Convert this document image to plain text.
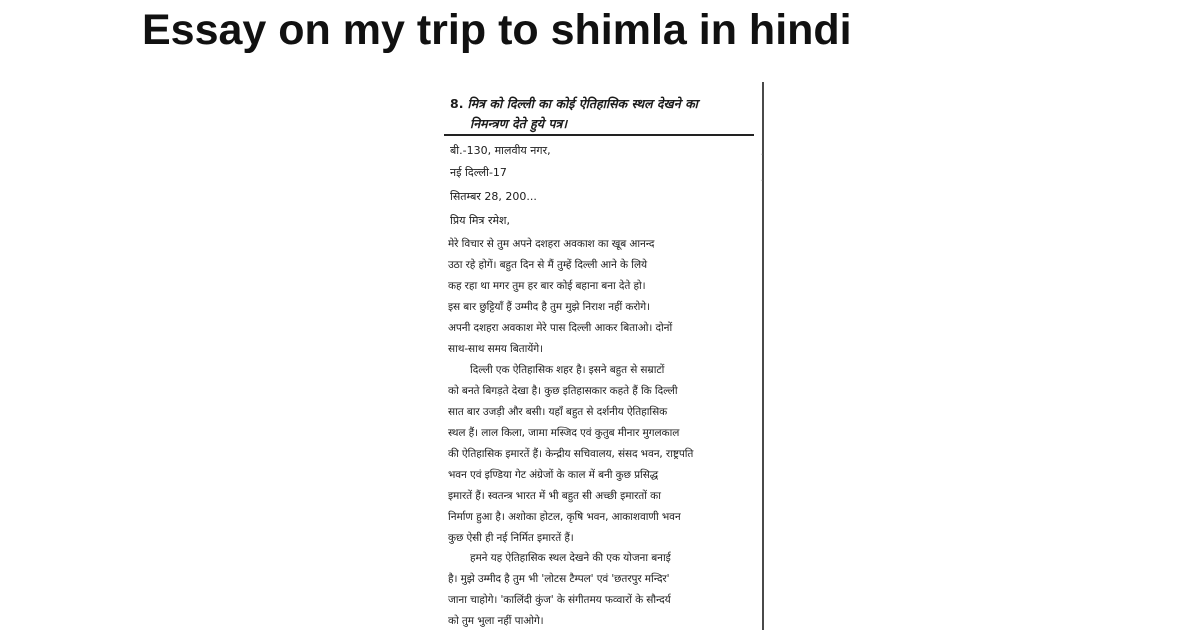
Essay on my trip to shimla in hindi
8. मित्र को दिल्ली का कोई ऐतिहासिक स्थल देखने का
निमन्त्रण देते हुये पत्र।
बी.-130, मालवीय नगर,
नई दिल्ली-17
सितम्बर 28, 200...
प्रिय मित्र रमेश,
मेरे विचार से तुम अपने दशहरा अवकाश का खूब आनन्द
उठा रहे होगें। बहुत दिन से मैं तुम्हें दिल्ली आने के लिये
कह रहा था मगर तुम हर बार कोई बहाना बना देते हो।
इस बार छुट्टियाँ हैं उम्मीद है तुम मुझे निराश नहीं करोगे।
अपनी दशहरा अवकाश मेरे पास दिल्ली आकर बिताओ। दोनों
साथ-साथ समय बितायेंगे।
दिल्ली एक ऐतिहासिक शहर है। इसने बहुत से सम्राटों
को बनते बिगड़ते देखा है। कुछ इतिहासकार कहते हैं कि दिल्ली
सात बार उजड़ी और बसी। यहाँ बहुत से दर्शनीय ऐतिहासिक
स्थल हैं। लाल किला, जामा मस्जिद एवं कुतुब मीनार मुगलकाल
की ऐतिहासिक इमारतें हैं। केन्द्रीय सचिवालय, संसद भवन, राष्ट्रपति
भवन एवं इण्डिया गेट अंग्रेजों के काल में बनी कुछ प्रसिद्ध
इमारतें हैं। स्वतन्त्र भारत में भी बहुत सी अच्छी इमारतों का
निर्माण हुआ है। अशोका होटल, कृषि भवन, आकाशवाणी भवन
कुछ ऐसी ही नई निर्मित इमारतें हैं।
हमने यह ऐतिहासिक स्थल देखने की एक योजना बनाई
है। मुझे उम्मीद है तुम भी 'लोटस टैम्पल' एवं 'छतरपुर मन्दिर'
जाना चाहोगे। 'कालिंदी कुंज' के संगीतमय फव्वारों के सौन्दर्य
को तुम भुला नहीं पाओगे।
·
·
